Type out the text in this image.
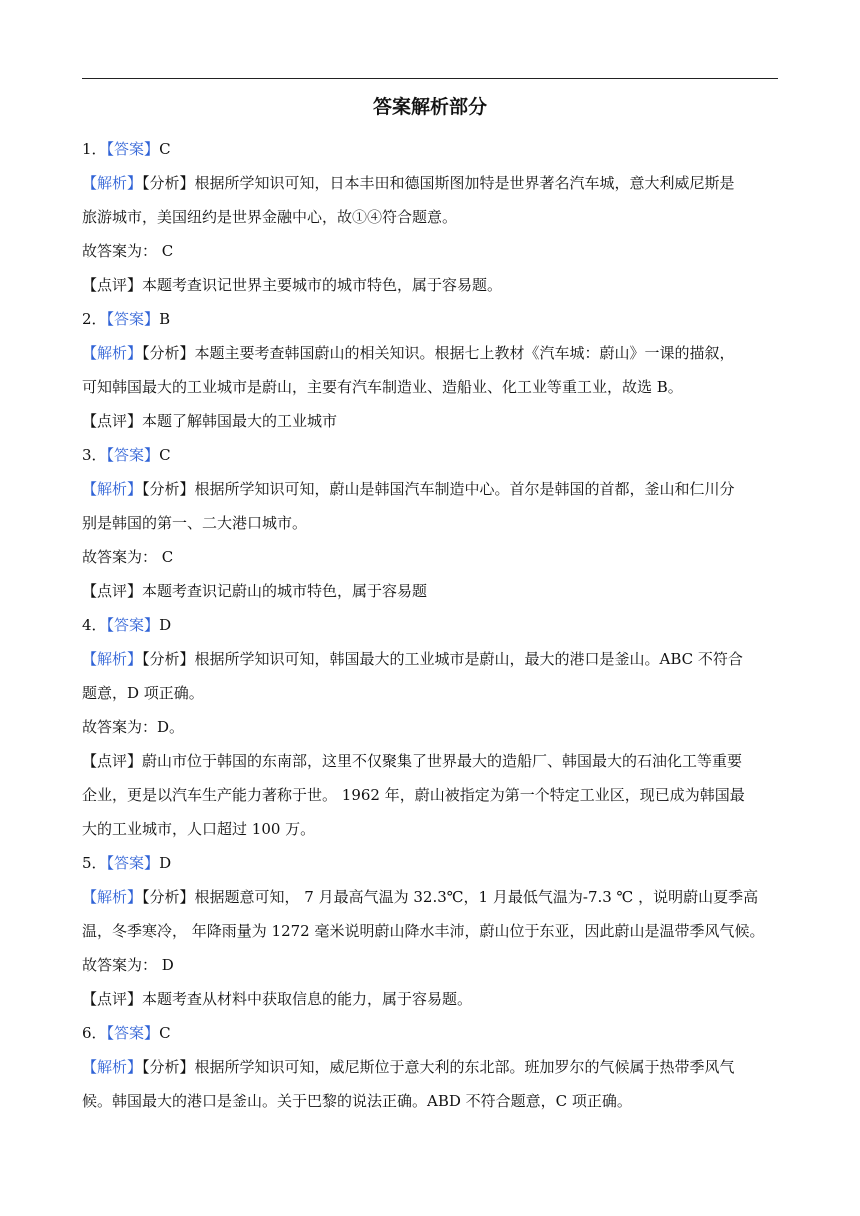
答案解析部分
1．【答案】C
【解析】【分析】根据所学知识可知，日本丰田和德国斯图加特是世界著名汽车城，意大利威尼斯是
旅游城市，美国纽约是世界金融中心，故①④符合题意。
故答案为： C
【点评】本题考查识记世界主要城市的城市特色，属于容易题。
2．【答案】B
【解析】【分析】本题主要考查韩国蔚山的相关知识。根据七上教材《汽车城：蔚山》一课的描叙，
可知韩国最大的工业城市是蔚山，主要有汽车制造业、造船业、化工业等重工业，故选 B。
【点评】本题了解韩国最大的工业城市
3．【答案】C
【解析】【分析】根据所学知识可知，蔚山是韩国汽车制造中心。首尔是韩国的首都，釜山和仁川分
别是韩国的第一、二大港口城市。
故答案为： C
【点评】本题考查识记蔚山的城市特色，属于容易题
4．【答案】D
【解析】【分析】根据所学知识可知，韩国最大的工业城市是蔚山，最大的港口是釜山。ABC 不符合
题意，D 项正确。
故答案为：D。
【点评】蔚山市位于韩国的东南部，这里不仅聚集了世界最大的造船厂、韩国最大的石油化工等重要
企业，更是以汽车生产能力著称于世。 1962 年，蔚山被指定为第一个特定工业区，现已成为韩国最
大的工业城市，人口超过 100 万。
5．【答案】D
【解析】【分析】根据题意可知， 7 月最高气温为 32.3℃，1 月最低气温为-7.3 ℃ ，说明蔚山夏季高
温，冬季寒冷， 年降雨量为 1272 毫米说明蔚山降水丰沛，蔚山位于东亚，因此蔚山是温带季风气候。
故答案为： D
【点评】本题考查从材料中获取信息的能力，属于容易题。
6．【答案】C
【解析】【分析】根据所学知识可知，威尼斯位于意大利的东北部。班加罗尔的气候属于热带季风气
候。韩国最大的港口是釜山。关于巴黎的说法正确。ABD 不符合题意，C 项正确。
